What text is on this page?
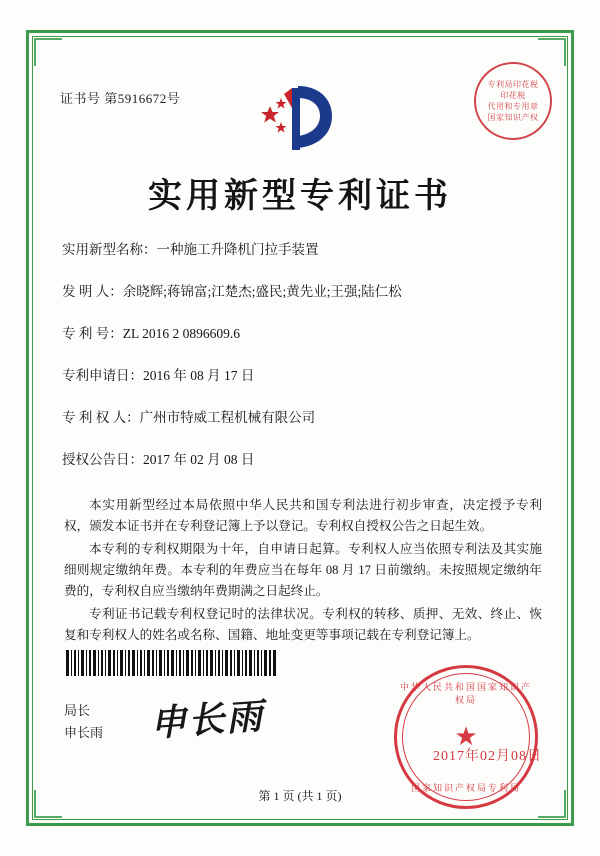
证书号 第5916672号
专利局印花税
印花税
代用和专用章
国家知识产权
实用新型专利证书
实用新型名称：一种施工升降机门拉手装置
发 明 人：余晓辉;蒋锦富;江楚杰;盛民;黄先业;王强;陆仁松
专 利 号：ZL 2016 2 0896609.6
专利申请日：2016 年 08 月 17 日
专 利 权 人：广州市特威工程机械有限公司
授权公告日：2017 年 02 月 08 日

本实用新型经过本局依照中华人民共和国专利法进行初步审查，决定授予专利权，颁发本证书并在专利登记簿上予以登记。专利权自授权公告之日起生效。

本专利的专利权期限为十年，自申请日起算。专利权人应当依照专利法及其实施细则规定缴纳年费。本专利的年费应当在每年 08 月 17 日前缴纳。未按照规定缴纳年费的，专利权自应当缴纳年费期满之日起终止。

专利证书记载专利权登记时的法律状况。专利权的转移、质押、无效、终止、恢复和专利权人的姓名或名称、国籍、地址变更等事项记载在专利登记簿上。

局长
申长雨 申长雨
中华人民共和国国家知识产权局
★
国家知识产权局专利局
2017年02月08日
第 1 页 (共 1 页)
